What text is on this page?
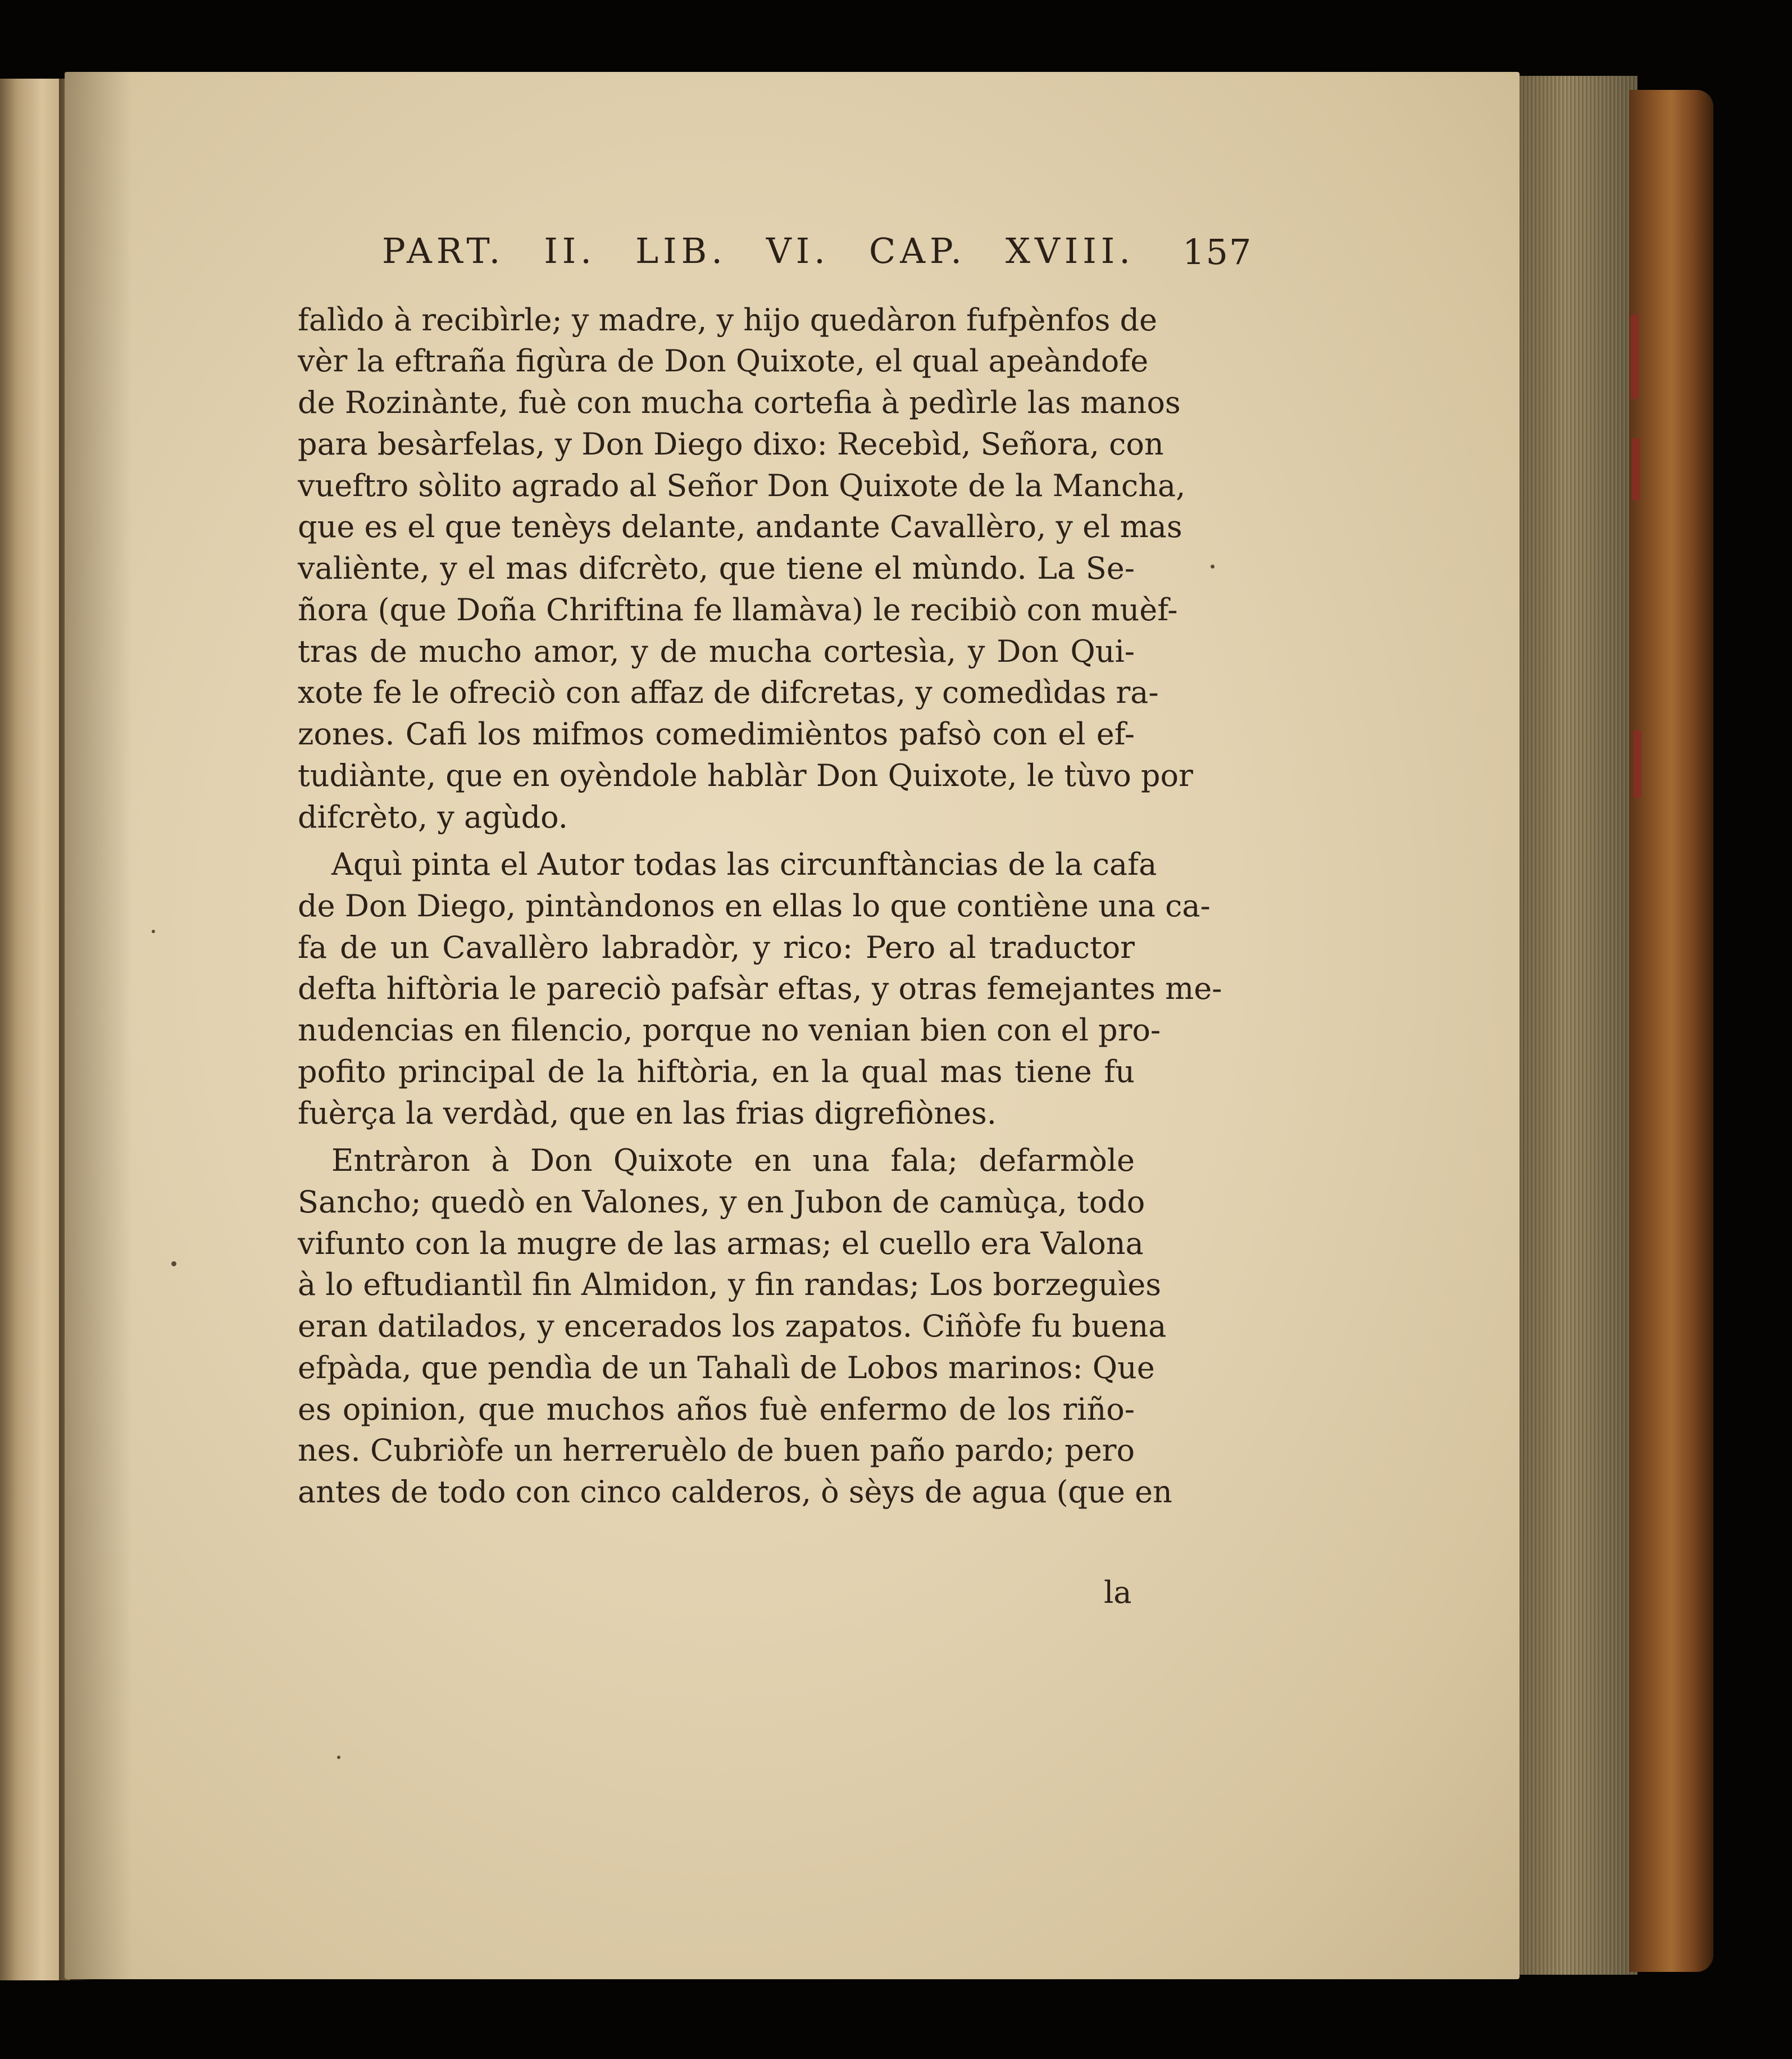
PART. II. LIB. VI. CAP. XVIII. 157
falìdo à recibìrle; y madre, y hijo quedàron fufpènfos de
vèr la eftraña figùra de Don Quixote, el qual apeàndofe
de Rozinànte, fuè con mucha cortefia à pedìrle las manos
para besàrfelas, y Don Diego dixo: Recebìd, Señora, con
vueftro sòlito agrado al Señor Don Quixote de la Mancha,
que es el que tenèys delante, andante Cavallèro, y el mas
valiènte, y el mas difcrèto, que tiene el mùndo. La Se-
ñora (que Doña Chriftina fe llamàva) le recibiò con muèf-
tras de mucho amor, y de mucha cortesìa, y Don Qui-
xote fe le ofreciò con affaz de difcretas, y comedìdas ra-
zones. Cafi los mifmos comedimièntos pafsò con el ef-
tudiànte, que en oyèndole hablàr Don Quixote, le tùvo por
difcrèto, y agùdo.
Aquì pinta el Autor todas las circunftàncias de la cafa
de Don Diego, pintàndonos en ellas lo que contiène una ca-
fa de un Cavallèro labradòr, y rico: Pero al traductor
defta hiftòria le pareciò pafsàr eftas, y otras femejantes me-
nudencias en filencio, porque no venian bien con el pro-
pofito principal de la hiftòria, en la qual mas tiene fu
fuèrça la verdàd, que en las frias digrefiònes.
Entràron à Don Quixote en una fala; defarmòle
Sancho; quedò en Valones, y en Jubon de camùça, todo
vifunto con la mugre de las armas; el cuello era Valona
à lo eftudiantìl fin Almidon, y fin randas; Los borzeguìes
eran datilados, y encerados los zapatos. Ciñòfe fu buena
efpàda, que pendìa de un Tahalì de Lobos marinos: Que
es opinion, que muchos años fuè enfermo de los riño-
nes. Cubriòfe un herreruèlo de buen paño pardo; pero
antes de todo con cinco calderos, ò sèys de agua (que en
la
